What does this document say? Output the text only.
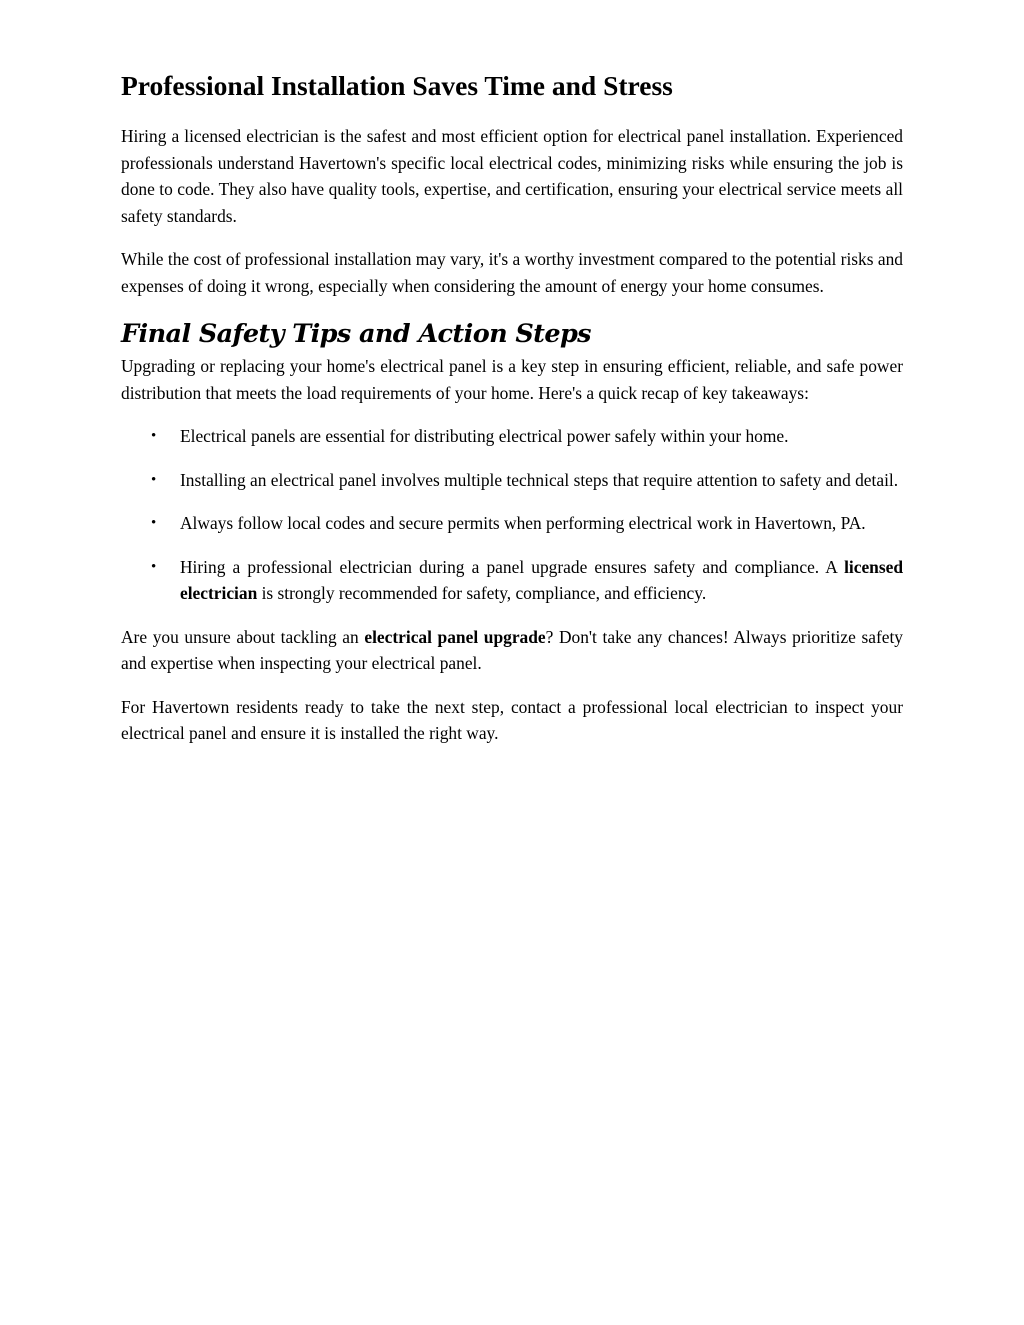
Professional Installation Saves Time and Stress

Hiring a licensed electrician is the safest and most efficient option for electrical panel installation. Experienced professionals understand Havertown's specific local electrical codes, minimizing risks while ensuring the job is done to code. They also have quality tools, expertise, and certification, ensuring your electrical service meets all safety standards.

While the cost of professional installation may vary, it's a worthy investment compared to the potential risks and expenses of doing it wrong, especially when considering the amount of energy your home consumes.

Final Safety Tips and Action Steps

Upgrading or replacing your home's electrical panel is a key step in ensuring efficient, reliable, and safe power distribution that meets the load requirements of your home. Here's a quick recap of key takeaways:

• Electrical panels are essential for distributing electrical power safely within your home.
• Installing an electrical panel involves multiple technical steps that require attention to safety and detail.
• Always follow local codes and secure permits when performing electrical work in Havertown, PA.
• Hiring a professional electrician during a panel upgrade ensures safety and compliance. A licensed electrician is strongly recommended for safety, compliance, and efficiency.

Are you unsure about tackling an electrical panel upgrade? Don't take any chances! Always prioritize safety and expertise when inspecting your electrical panel.

For Havertown residents ready to take the next step, contact a professional local electrician to inspect your electrical panel and ensure it is installed the right way.
